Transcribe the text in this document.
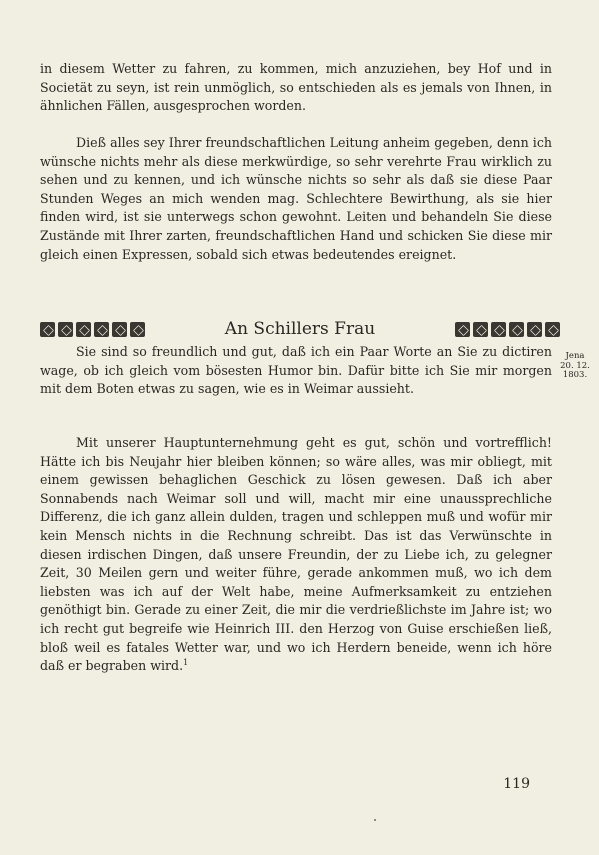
in diesem Wetter zu fahren, zu kommen, mich anzuziehen, bey Hof und in Societät zu seyn, ist rein unmöglich, so entschieden als es jemals von Ihnen, in ähnlichen Fällen, ausgesprochen worden.

Dieß alles sey Ihrer freundschaftlichen Leitung anheim gegeben, denn ich wünsche nichts mehr als diese merkwürdige, so sehr verehrte Frau wirklich zu sehen und zu kennen, und ich wünsche nichts so sehr als daß sie diese Paar Stunden Weges an mich wenden mag. Schlechtere Bewirthung, als sie hier finden wird, ist sie unterwegs schon gewohnt. Leiten und behandeln Sie diese Zustände mit Ihrer zarten, freundschaftlichen Hand und schicken Sie diese mir gleich einen Expressen, sobald sich etwas bedeutendes ereignet.

An Schillers Frau
Jena
20. 12.
1803.

Sie sind so freundlich und gut, daß ich ein Paar Worte an Sie zu dictiren wage, ob ich gleich vom bösesten Humor bin. Dafür bitte ich Sie mir morgen mit dem Boten etwas zu sagen, wie es in Weimar aussieht.

Mit unserer Hauptunternehmung geht es gut, schön und vortrefflich! Hätte ich bis Neujahr hier bleiben können; so wäre alles, was mir obliegt, mit einem gewissen behaglichen Geschick zu lösen gewesen. Daß ich aber Sonnabends nach Weimar soll und will, macht mir eine unaussprechliche Differenz, die ich ganz allein dulden, tragen und schleppen muß und wofür mir kein Mensch nichts in die Rechnung schreibt. Das ist das Verwünschte in diesen irdischen Dingen, daß unsere Freundin, der zu Liebe ich, zu gelegner Zeit, 30 Meilen gern und weiter führe, gerade ankommen muß, wo ich dem liebsten was ich auf der Welt habe, meine Aufmerksamkeit zu entziehen genöthigt bin. Gerade zu einer Zeit, die mir die verdrießlichste im Jahre ist; wo ich recht gut begreife wie Heinrich III. den Herzog von Guise erschießen ließ, bloß weil es fatales Wetter war, und wo ich Herdern beneide, wenn ich höre daß er begraben wird.$^1$

119
